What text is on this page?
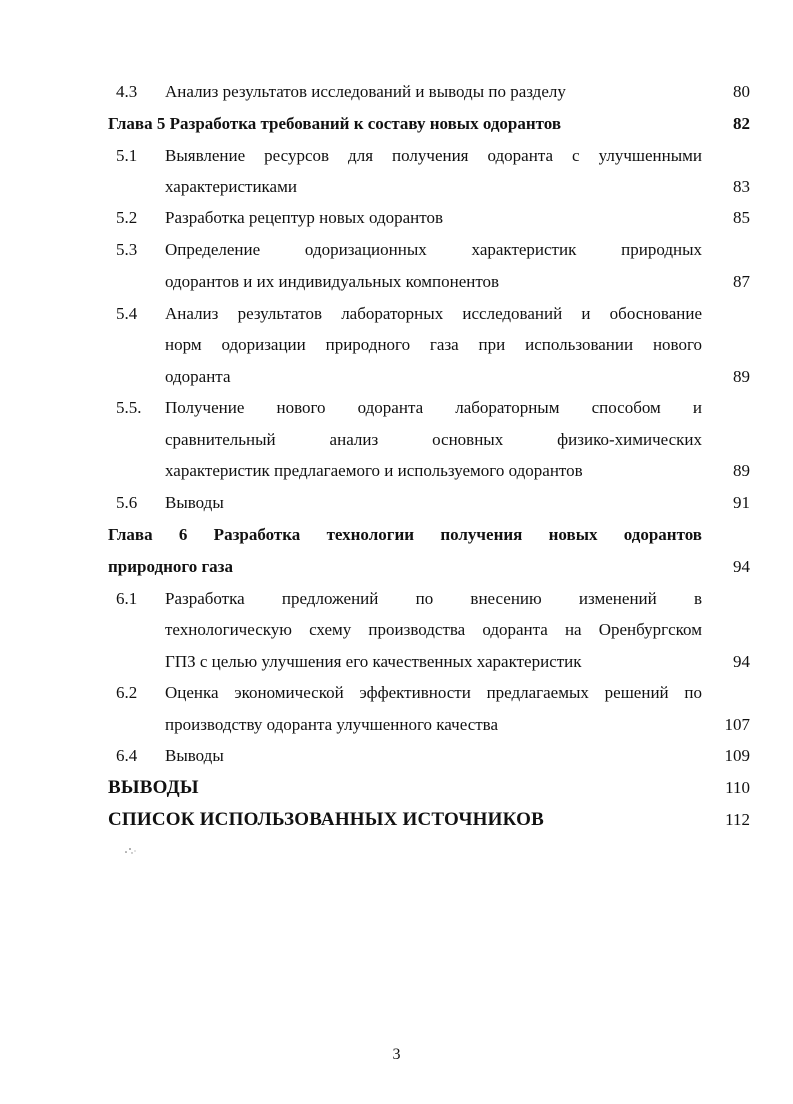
4.3 Анализ результатов исследований и выводы по разделу	80
Глава 5 Разработка требований к составу новых одорантов	82
5.1 Выявление ресурсов для получения одоранта с улучшенными
характеристиками	83
5.2 Разработка рецептур новых одорантов	85
5.3 Определение одоризационных характеристик природных
одорантов и их индивидуальных компонентов	87
5.4 Анализ результатов лабораторных исследований и обоснование
норм одоризации природного газа при использовании нового
одоранта	89
5.5. Получение нового одоранта лабораторным способом и
сравнительный анализ основных физико-химических
характеристик предлагаемого и используемого одорантов	89
5.6 Выводы	91
Глава 6 Разработка технологии получения новых одорантов
природного газа	94
6.1 Разработка предложений по внесению изменений в
технологическую схему производства одоранта на Оренбургском
ГПЗ с целью улучшения его качественных характеристик	94
6.2 Оценка экономической эффективности предлагаемых решений по
производству одоранта улучшенного качества	107
6.4 Выводы	109
ВЫВОДЫ	110
СПИСОК ИСПОЛЬЗОВАННЫХ ИСТОЧНИКОВ	112
3
